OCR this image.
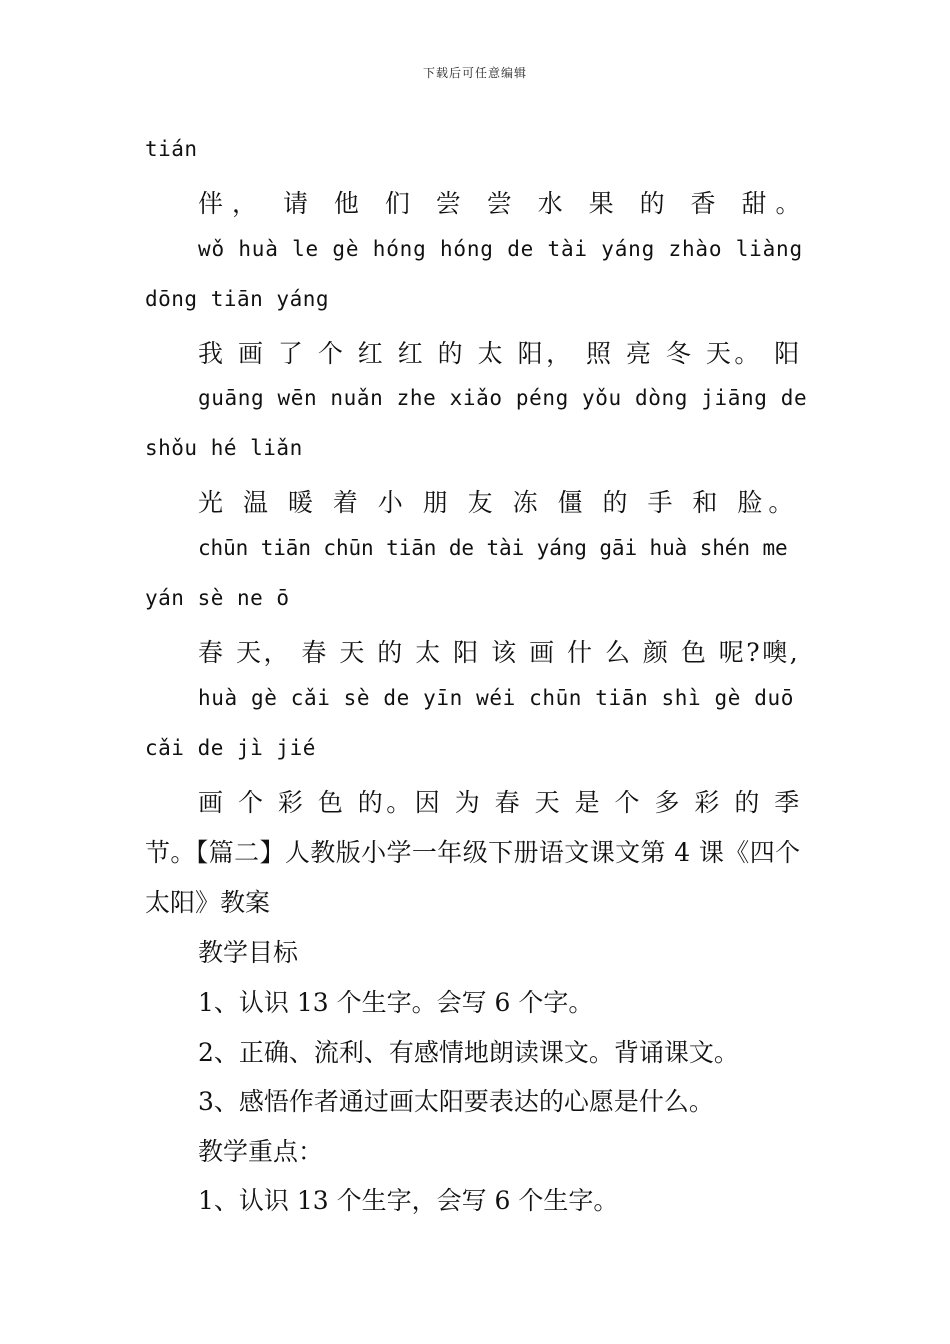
下载后可任意编辑
tián
伴， 请 他 们 尝 尝 水 果 的 香 甜。
wǒ huà le gè hóng hóng de tài yáng zhào liàng
dōng tiān yáng
我 画 了 个 红 红 的 太 阳， 照 亮 冬 天。 阳
guāng wēn nuǎn zhe xiǎo péng yǒu dòng jiāng de
shǒu hé liǎn
光 温 暖 着 小 朋 友 冻 僵 的 手 和 脸。
chūn tiān chūn tiān de tài yáng gāi huà shén me
yán sè ne ō
春 天， 春 天 的 太 阳 该 画 什 么 颜 色 呢?噢,
huà gè cǎi sè de yīn wéi chūn tiān shì gè duō
cǎi de jì jié
画 个 彩 色 的。因 为 春 天 是 个 多 彩 的 季
节。【篇二】人教版小学一年级下册语文课文第 4 课《四个
太阳》教案
教学目标
1、认识 13 个生字。会写 6 个字。
2、正确、流利、有感情地朗读课文。背诵课文。
3、感悟作者通过画太阳要表达的心愿是什么。
教学重点：
1、认识 13 个生字，会写 6 个生字。
